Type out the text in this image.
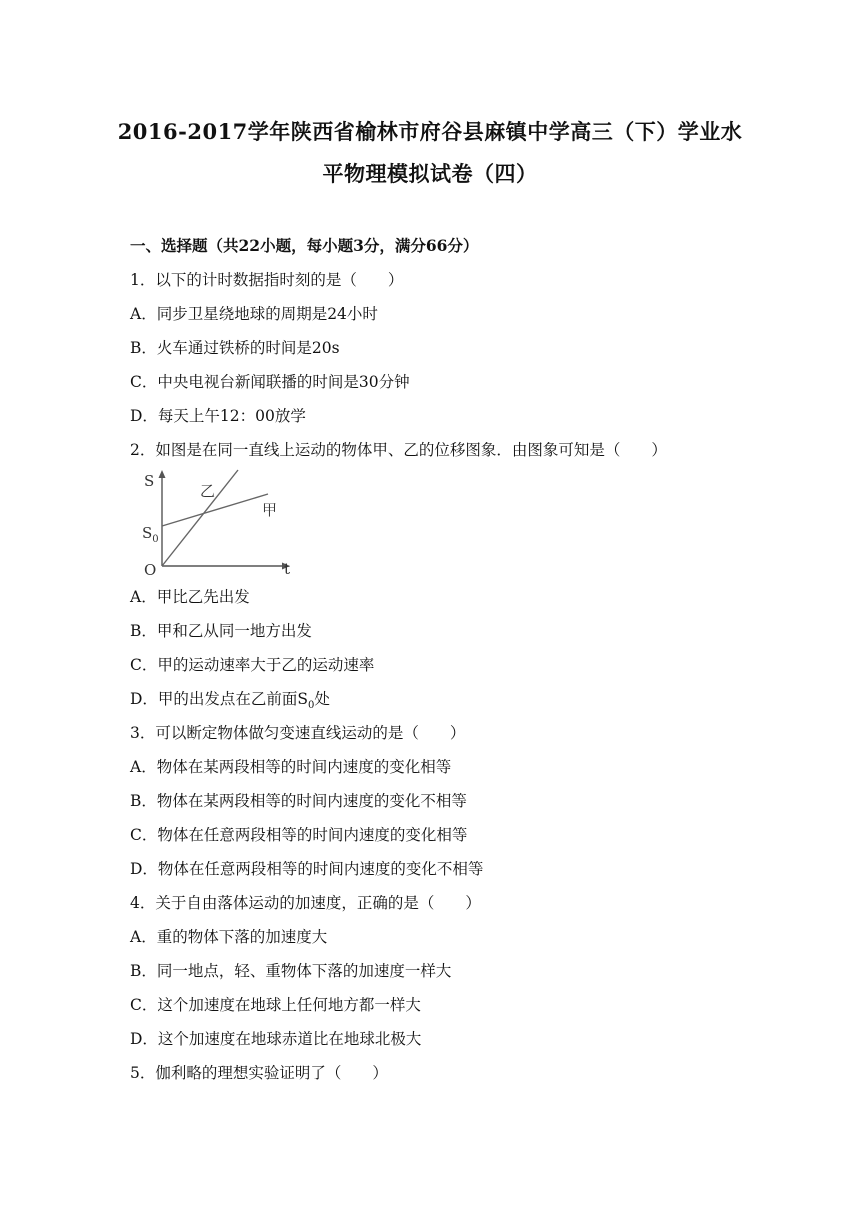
2016-2017学年陕西省榆林市府谷县麻镇中学高三（下）学业水
平物理模拟试卷（四）
一、选择题（共22小题，每小题3分，满分66分）
1．以下的计时数据指时刻的是（　　）
A．同步卫星绕地球的周期是24小时
B．火车通过铁桥的时间是20s
C．中央电视台新闻联播的时间是30分钟
D．每天上午12：00放学
2．如图是在同一直线上运动的物体甲、乙的位移图象．由图象可知是（　　）
S
t
O
$S_0$
乙
甲
A．甲比乙先出发
B．甲和乙从同一地方出发
C．甲的运动速率大于乙的运动速率
D．甲的出发点在乙前面$S_0$处
3．可以断定物体做匀变速直线运动的是（　　）
A．物体在某两段相等的时间内速度的变化相等
B．物体在某两段相等的时间内速度的变化不相等
C．物体在任意两段相等的时间内速度的变化相等
D．物体在任意两段相等的时间内速度的变化不相等
4．关于自由落体运动的加速度，正确的是（　　）
A．重的物体下落的加速度大
B．同一地点，轻、重物体下落的加速度一样大
C．这个加速度在地球上任何地方都一样大
D．这个加速度在地球赤道比在地球北极大
5．伽利略的理想实验证明了（　　）
